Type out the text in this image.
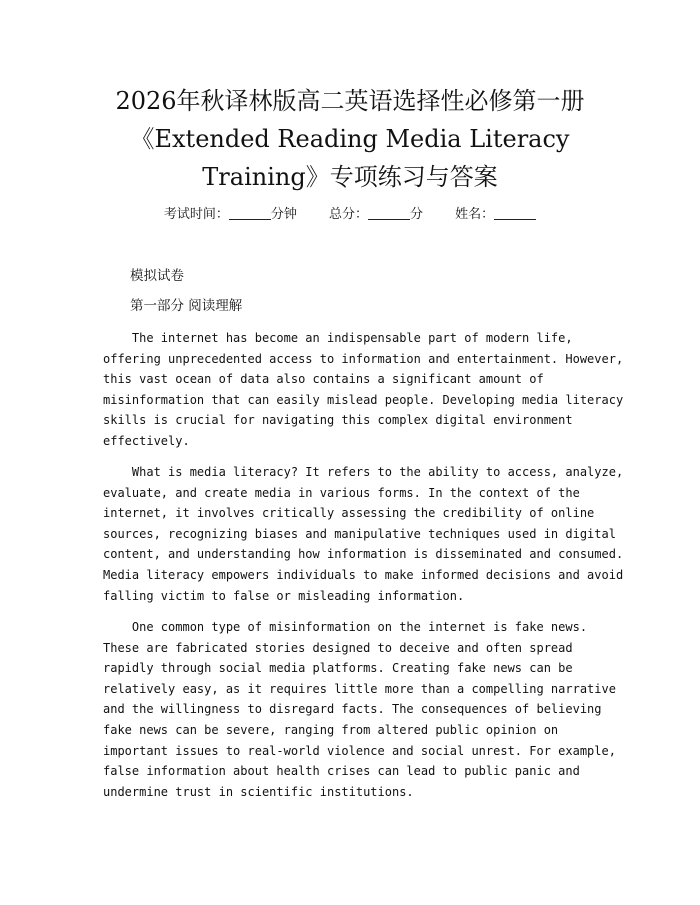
2026年秋译林版高二英语选择性必修第一册
《Extended Reading Media Literacy
Training》专项练习与答案
考试时间：	分钟 总分：	分 姓名：
模拟试卷
第一部分 阅读理解
The internet has become an indispensable part of modern life,
offering unprecedented access to information and entertainment. However,
this vast ocean of data also contains a significant amount of
misinformation that can easily mislead people. Developing media literacy
skills is crucial for navigating this complex digital environment
effectively.
What is media literacy? It refers to the ability to access, analyze,
evaluate, and create media in various forms. In the context of the
internet, it involves critically assessing the credibility of online
sources, recognizing biases and manipulative techniques used in digital
content, and understanding how information is disseminated and consumed.
Media literacy empowers individuals to make informed decisions and avoid
falling victim to false or misleading information.
One common type of misinformation on the internet is fake news.
These are fabricated stories designed to deceive and often spread
rapidly through social media platforms. Creating fake news can be
relatively easy, as it requires little more than a compelling narrative
and the willingness to disregard facts. The consequences of believing
fake news can be severe, ranging from altered public opinion on
important issues to real-world violence and social unrest. For example,
false information about health crises can lead to public panic and
undermine trust in scientific institutions.
